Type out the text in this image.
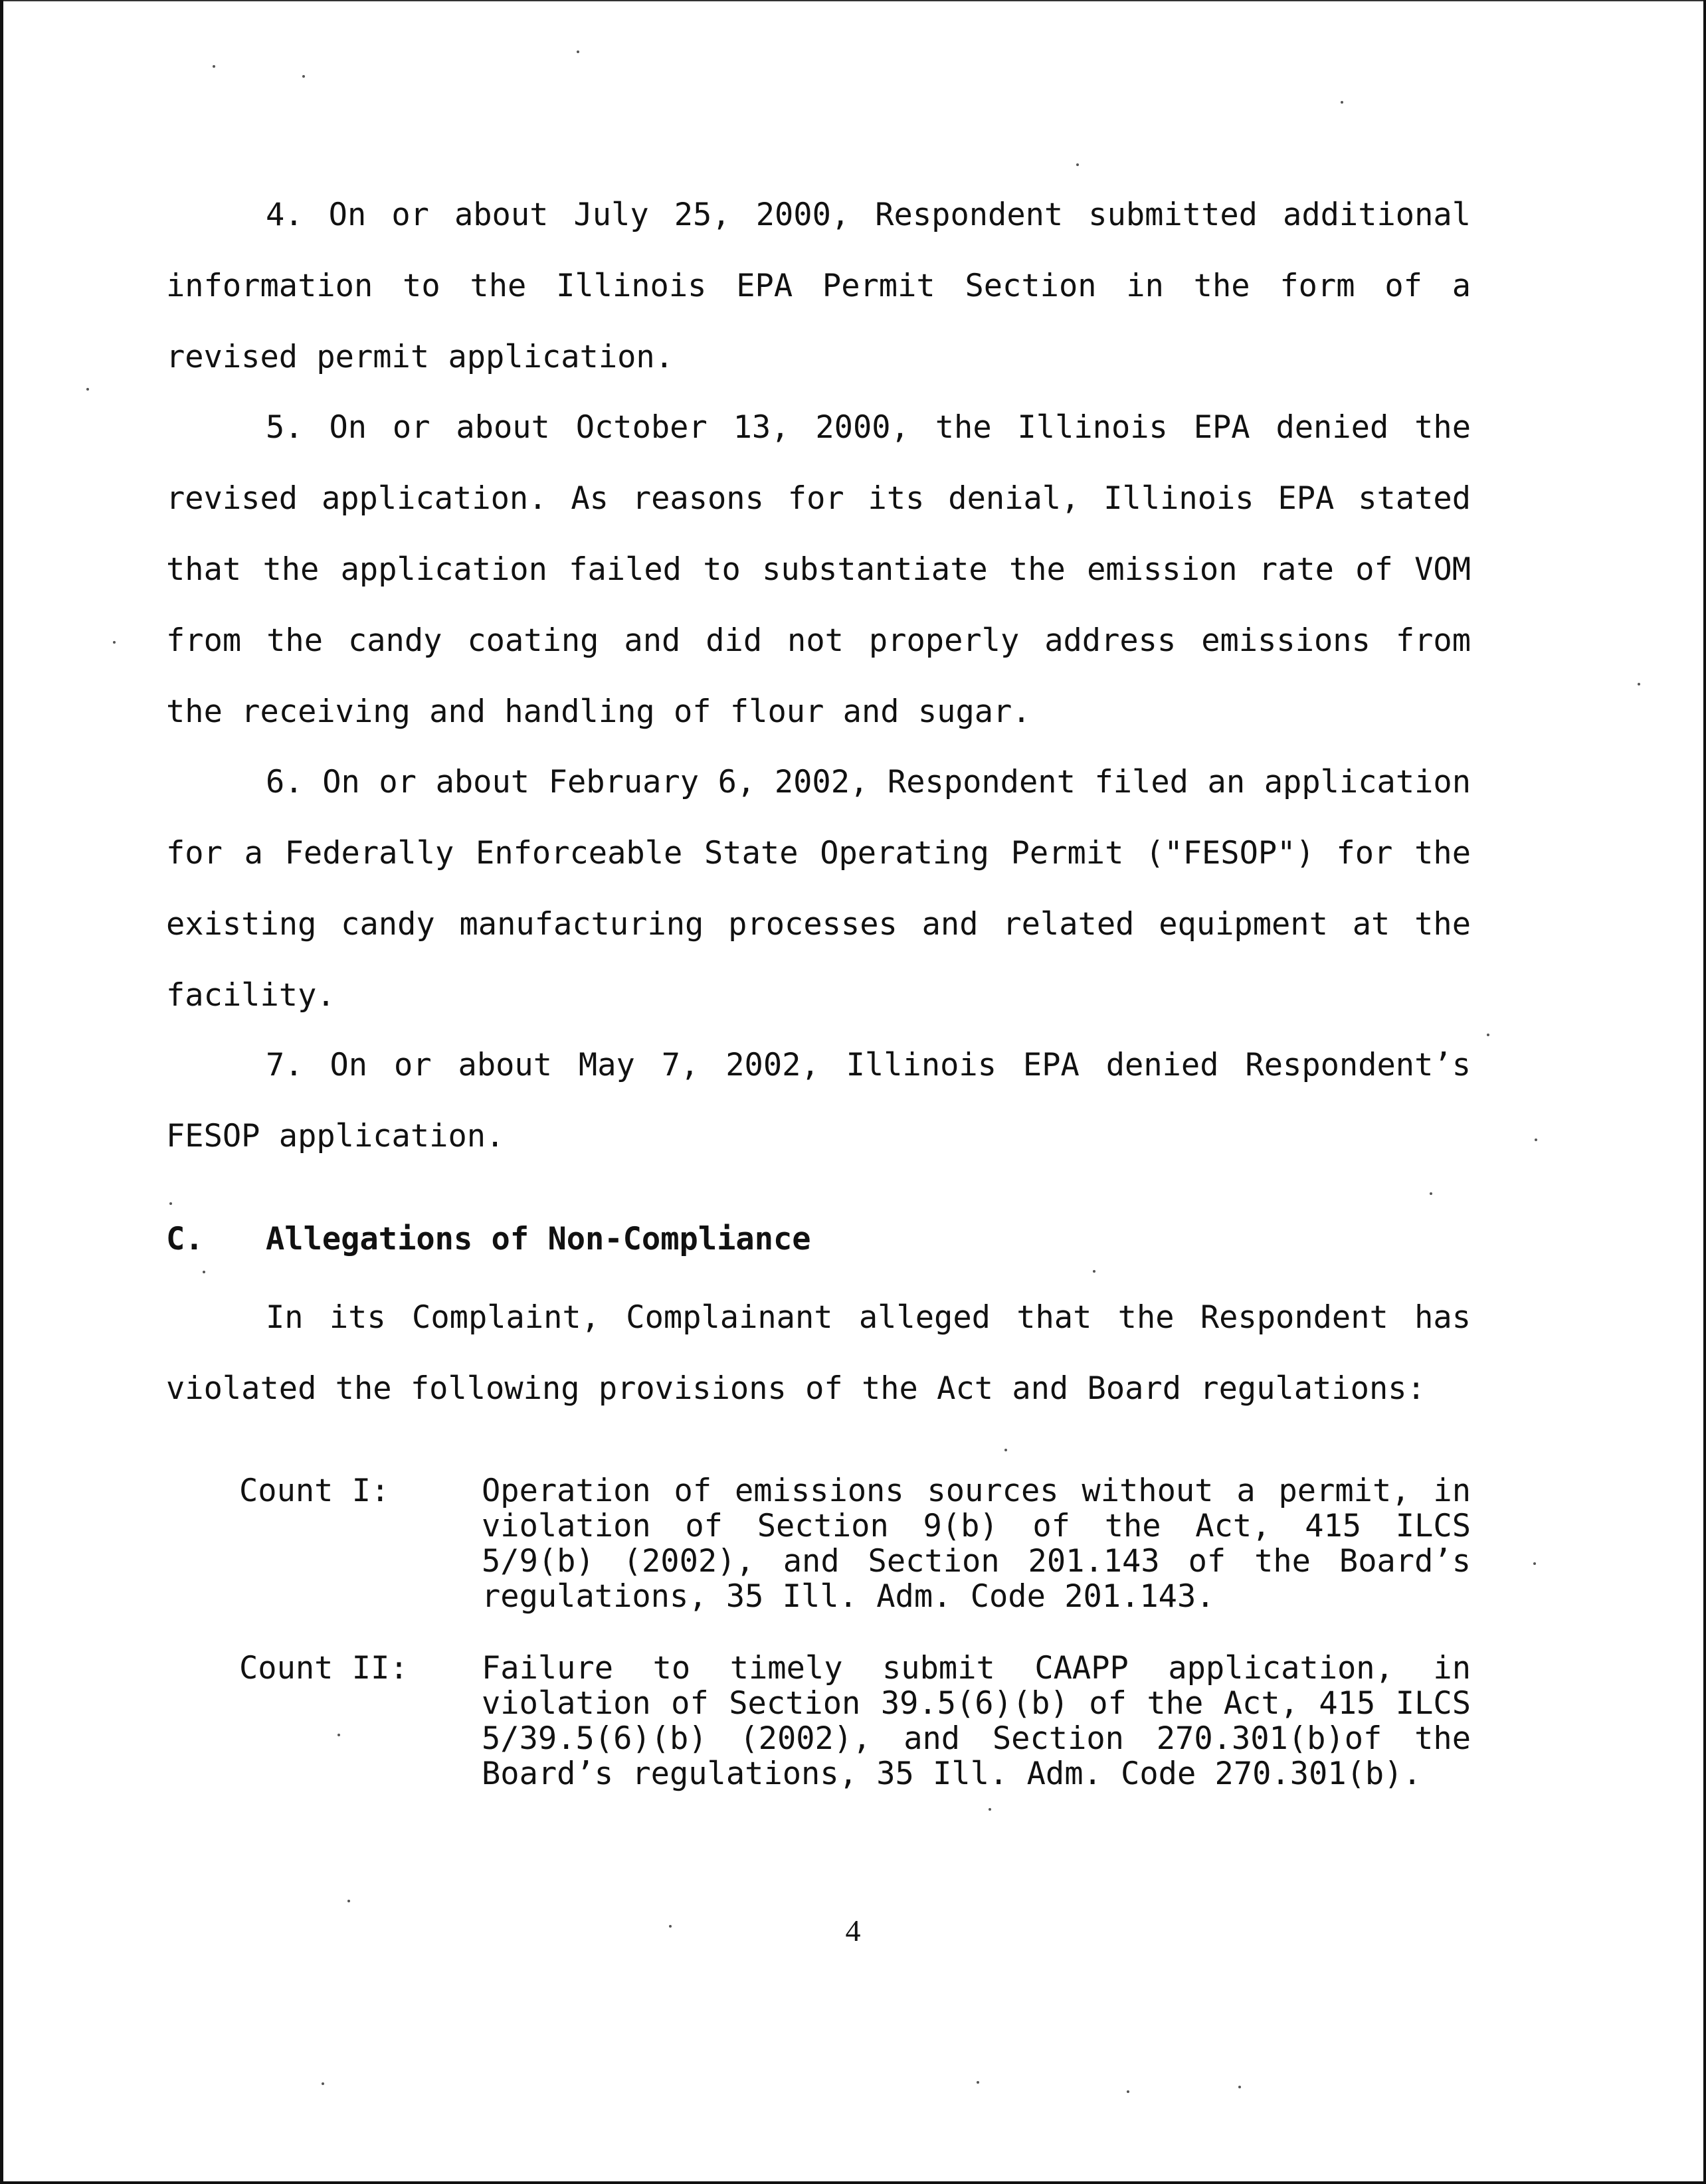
4. On or about July 25, 2000, Respondent submitted additional information to the Illinois EPA Permit Section in the form of a revised permit application.

5. On or about October 13, 2000, the Illinois EPA denied the revised application. As reasons for its denial, Illinois EPA stated that the application failed to substantiate the emission rate of VOM from the candy coating and did not properly address emissions from the receiving and handling of flour and sugar.

6. On or about February 6, 2002, Respondent filed an application for a Federally Enforceable State Operating Permit ("FESOP") for the existing candy manufacturing processes and related equipment at the facility.

7. On or about May 7, 2002, Illinois EPA denied Respondent’s FESOP application.

C. Allegations of Non-Compliance

In its Complaint, Complainant alleged that the Respondent has violated the following provisions of the Act and Board regulations:

Count I:	Operation of emissions sources without a permit, in violation of Section 9(b) of the Act, 415 ILCS 5/9(b) (2002), and Section 201.143 of the Board’s regulations, 35 Ill. Adm. Code 201.143.
Count II: Failure to timely submit CAAPP application, in violation of Section 39.5(6)(b) of the Act, 415 ILCS 5/39.5(6)(b) (2002), and Section 270.301(b)of the Board’s regulations, 35 Ill. Adm. Code 270.301(b).
4
